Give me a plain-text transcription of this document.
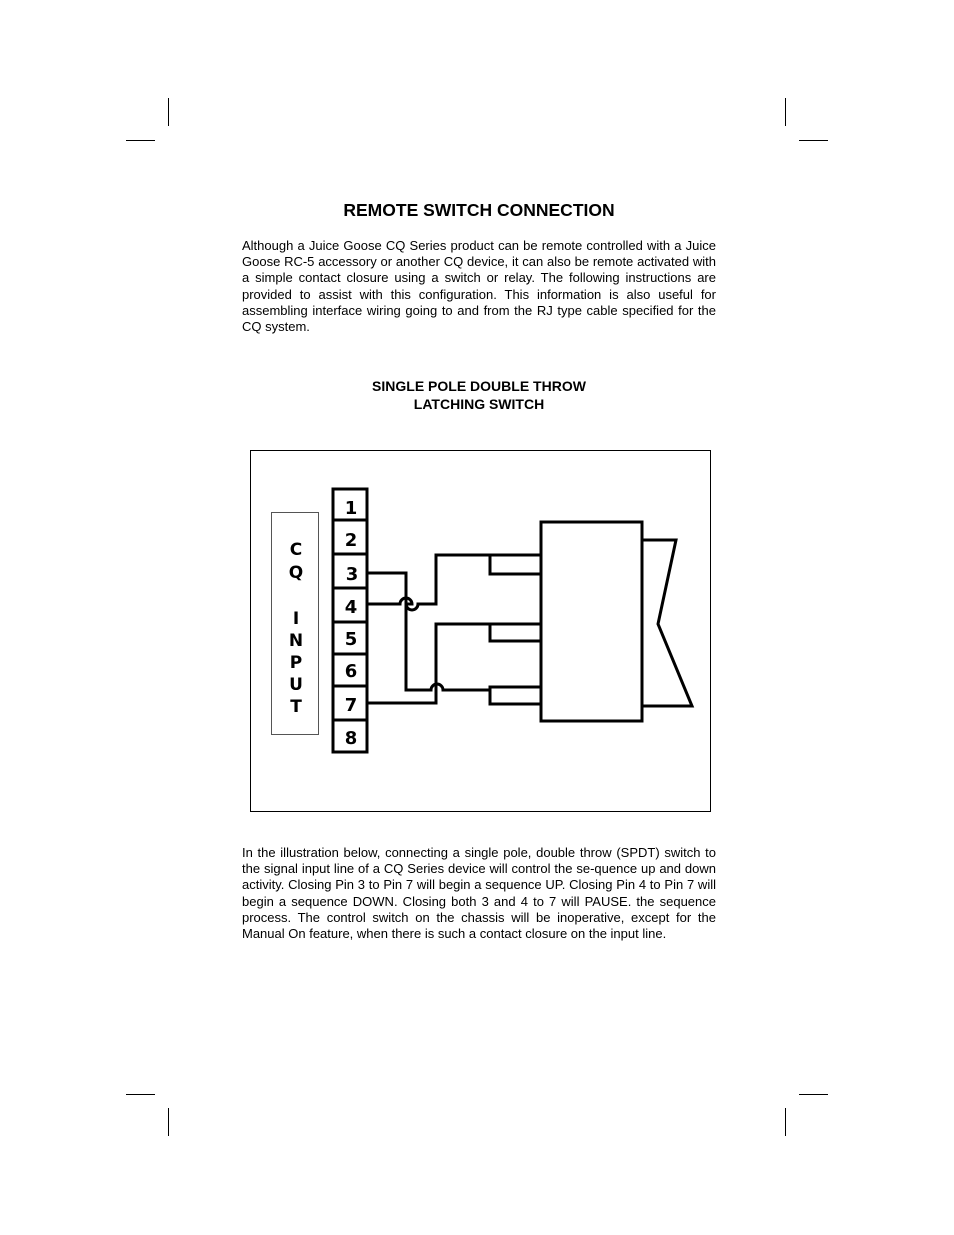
REMOTE SWITCH CONNECTION

Although a Juice Goose CQ Series product can be remote controlled with a Juice Goose RC-5 accessory or another CQ device, it can also be remote activated with a simple contact closure using a switch or relay. The following instructions are provided to assist with this configuration. This information is also useful for assembling interface wiring going to and from the RJ type cable specified for the CQ system.

SINGLE POLE DOUBLE THROW
LATCHING SWITCH
C
Q
I
N
P
U
T
1
2
3
4
5
6
7
8

In the illustration below, connecting a single pole, double throw (SPDT) switch to the signal input line of a CQ Series device will control the se-quence up and down activity. Closing Pin 3 to Pin 7 will begin a sequence UP. Closing Pin 4 to Pin 7 will begin a sequence DOWN. Closing both 3 and 4 to 7 will PAUSE. the sequence process. The control switch on the chassis will be inoperative, except for the Manual On feature, when there is such a contact closure on the input line.
